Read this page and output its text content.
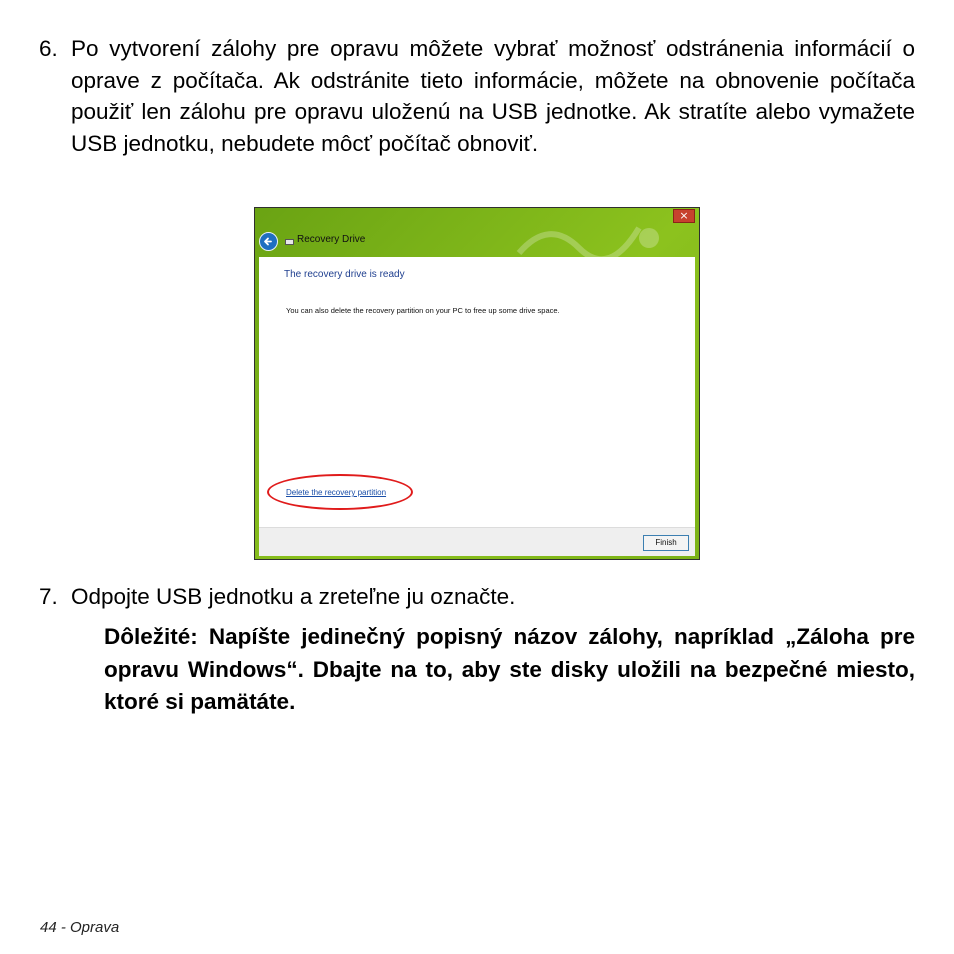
6. Po vytvorení zálohy pre opravu môžete vybrať možnosť odstránenia informácií o oprave z počítača. Ak odstránite tieto informácie, môžete na obnovenie počítača použiť len zálohu pre opravu uloženú na USB jednotke. Ak stratíte alebo vymažete USB jednotku, nebudete môcť počítač obnoviť.
×
Recovery Drive
The recovery drive is ready
You can also delete the recovery partition on your PC to free up some drive space.
Delete the recovery partition
Finish
7. Odpojte USB jednotku a zreteľne ju označte.
Dôležité: Napíšte jedinečný popisný názov zálohy, napríklad „Záloha pre opravu Windows“. Dbajte na to, aby ste disky uložili na bezpečné miesto, ktoré si pamätáte.
44 - Oprava
